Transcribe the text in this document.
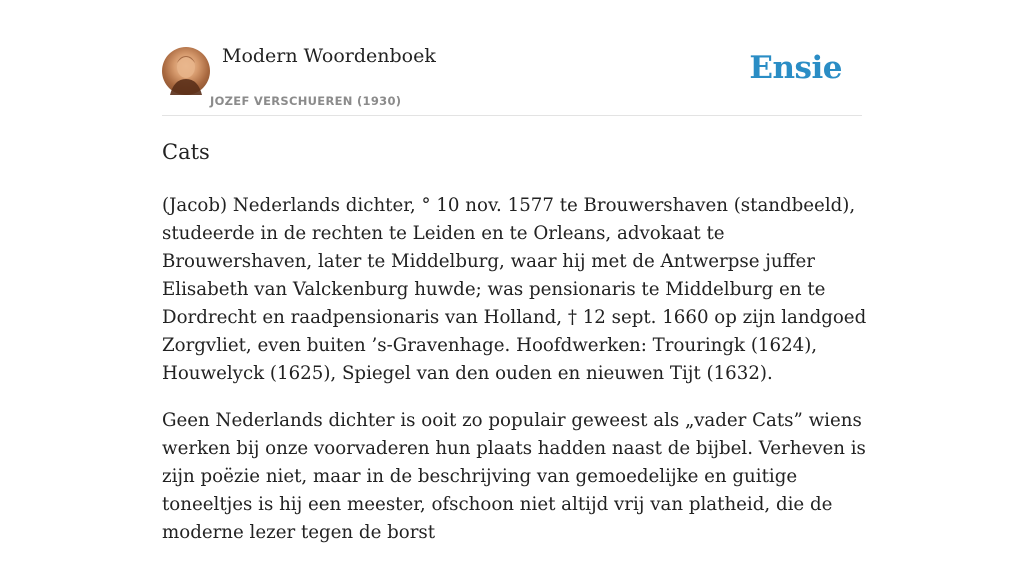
Modern Woordenboek
JOZEF VERSCHUEREN (1930)
Ensie
Cats

(Jacob) Nederlands dichter, ° 10 nov. 1577 te Brouwershaven (standbeeld), studeerde in de rechten te Leiden en te Orleans, advokaat te Brouwershaven, later te Middelburg, waar hij met de Antwerpse juffer Elisabeth van Valckenburg huwde; was pensionaris te Middelburg en te Dordrecht en raadpensionaris van Holland, † 12 sept. 1660 op zijn landgoed Zorgvliet, even buiten ’s-Gravenhage. Hoofdwerken: Trouringk (1624), Houwelyck (1625), Spiegel van den ouden en nieuwen Tijt (1632).

Geen Nederlands dichter is ooit zo populair geweest als „vader Cats” wiens werken bij onze voorvaderen hun plaats hadden naast de bijbel. Verheven is zijn poëzie niet, maar in de beschrijving van gemoedelijke en guitige toneeltjes is hij een meester, ofschoon niet altijd vrij van platheid, die de moderne lezer tegen de borst
